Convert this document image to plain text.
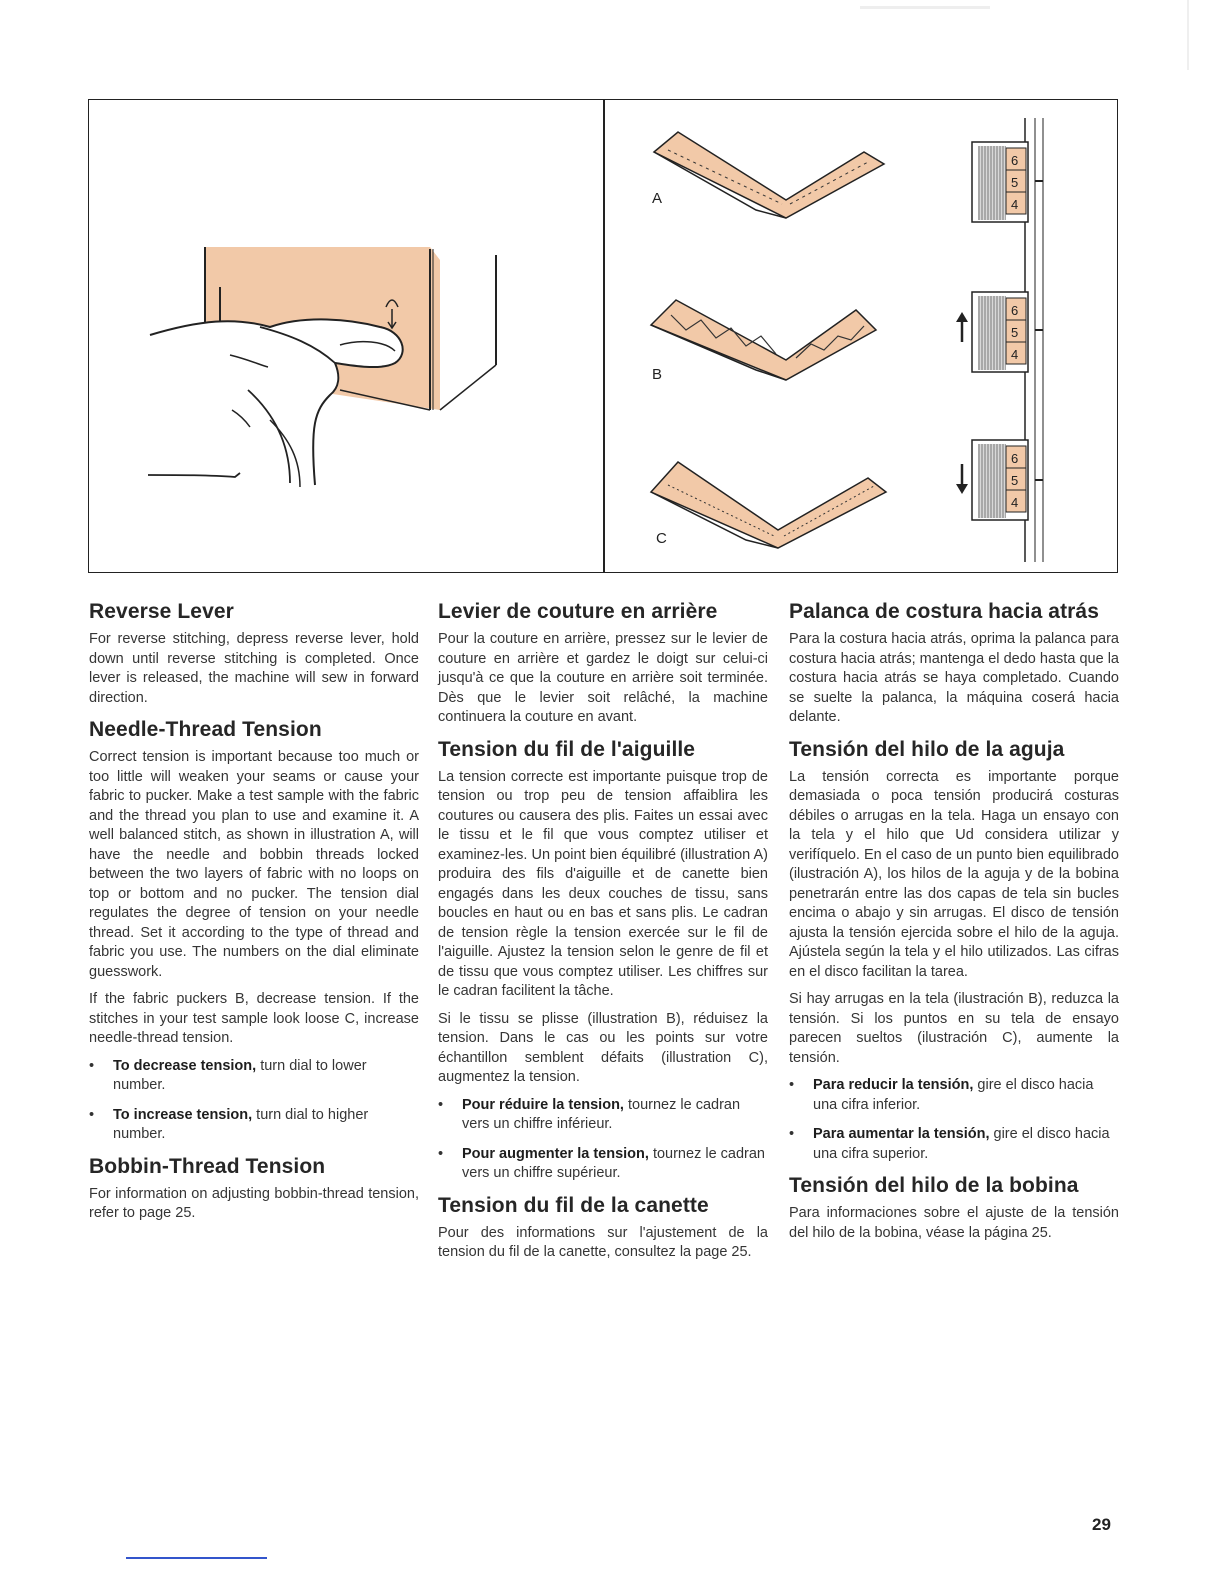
A
B
C
6
5
4
6
5
4
6
5
4
Reverse Lever

For reverse stitching, depress reverse lever, hold down until reverse stitching is completed. Once lever is released, the machine will sew in forward direction.

Needle-Thread Tension

Correct tension is important because too much or too little will weaken your seams or cause your fabric to pucker. Make a test sample with the fabric and the thread you plan to use and examine it. A well balanced stitch, as shown in illustration A, will have the needle and bobbin threads locked between the two layers of fabric with no loops on top or bottom and no pucker. The tension dial regulates the degree of tension on your needle thread. Set it according to the type of thread and fabric you use. The numbers on the dial eliminate guesswork.

If the fabric puckers B, decrease tension. If the stitches in your test sample look loose C, increase needle-thread tension.

• To decrease tension, turn dial to lower number.
• To increase tension, turn dial to higher number.
Bobbin-Thread Tension

For information on adjusting bobbin-thread tension, refer to page 25.

Levier de couture en arrière

Pour la couture en arrière, pressez sur le levier de couture en arrière et gardez le doigt sur celui-ci jusqu'à ce que la couture en arrière soit terminée. Dès que le levier soit relâché, la machine continuera la couture en avant.

Tension du fil de l'aiguille

La tension correcte est importante puisque trop de tension ou trop peu de tension affaiblira les coutures ou causera des plis. Faites un essai avec le tissu et le fil que vous comptez utiliser et examinez-les. Un point bien équilibré (illustration A) produira des fils d'aiguille et de canette bien engagés dans les deux couches de tissu, sans boucles en haut ou en bas et sans plis. Le cadran de tension règle la tension exercée sur le fil de l'aiguille. Ajustez la tension selon le genre de fil et de tissu que vous comptez utiliser. Les chiffres sur le cadran facilitent la tâche.

Si le tissu se plisse (illustration B), réduisez la tension. Dans le cas ou les points sur votre échantillon semblent défaits (illustration C), augmentez la tension.

• Pour réduire la tension, tournez le cadran vers un chiffre inférieur.
• Pour augmenter la tension, tournez le cadran vers un chiffre supérieur.
Tension du fil de la canette

Pour des informations sur l'ajustement de la tension du fil de la canette, consultez la page 25.

Palanca de costura hacia atrás

Para la costura hacia atrás, oprima la palanca para costura hacia atrás; mantenga el dedo hasta que la costura hacia atrás se haya completado. Cuando se suelte la palanca, la máquina coserá hacia delante.

Tensión del hilo de la aguja

La tensión correcta es importante porque demasiada o poca tensión producirá costuras débiles o arrugas en la tela. Haga un ensayo con la tela y el hilo que Ud considera utilizar y verifíquelo. En el caso de un punto bien equilibrado (ilustración A), los hilos de la aguja y de la bobina penetrarán entre las dos capas de tela sin bucles encima o abajo y sin arrugas. El disco de tensión ajusta la tensión ejercida sobre el hilo de la aguja. Ajústela según la tela y el hilo utilizados. Las cifras en el disco facilitan la tarea.

Si hay arrugas en la tela (ilustración B), reduzca la tensión. Si los puntos en su tela de ensayo parecen sueltos (ilustración C), aumente la tensión.

• Para reducir la tensión, gire el disco hacia una cifra inferior.
• Para aumentar la tensión, gire el disco hacia una cifra superior.
Tensión del hilo de la bobina

Para informaciones sobre el ajuste de la tensión del hilo de la bobina, véase la página 25.

29
